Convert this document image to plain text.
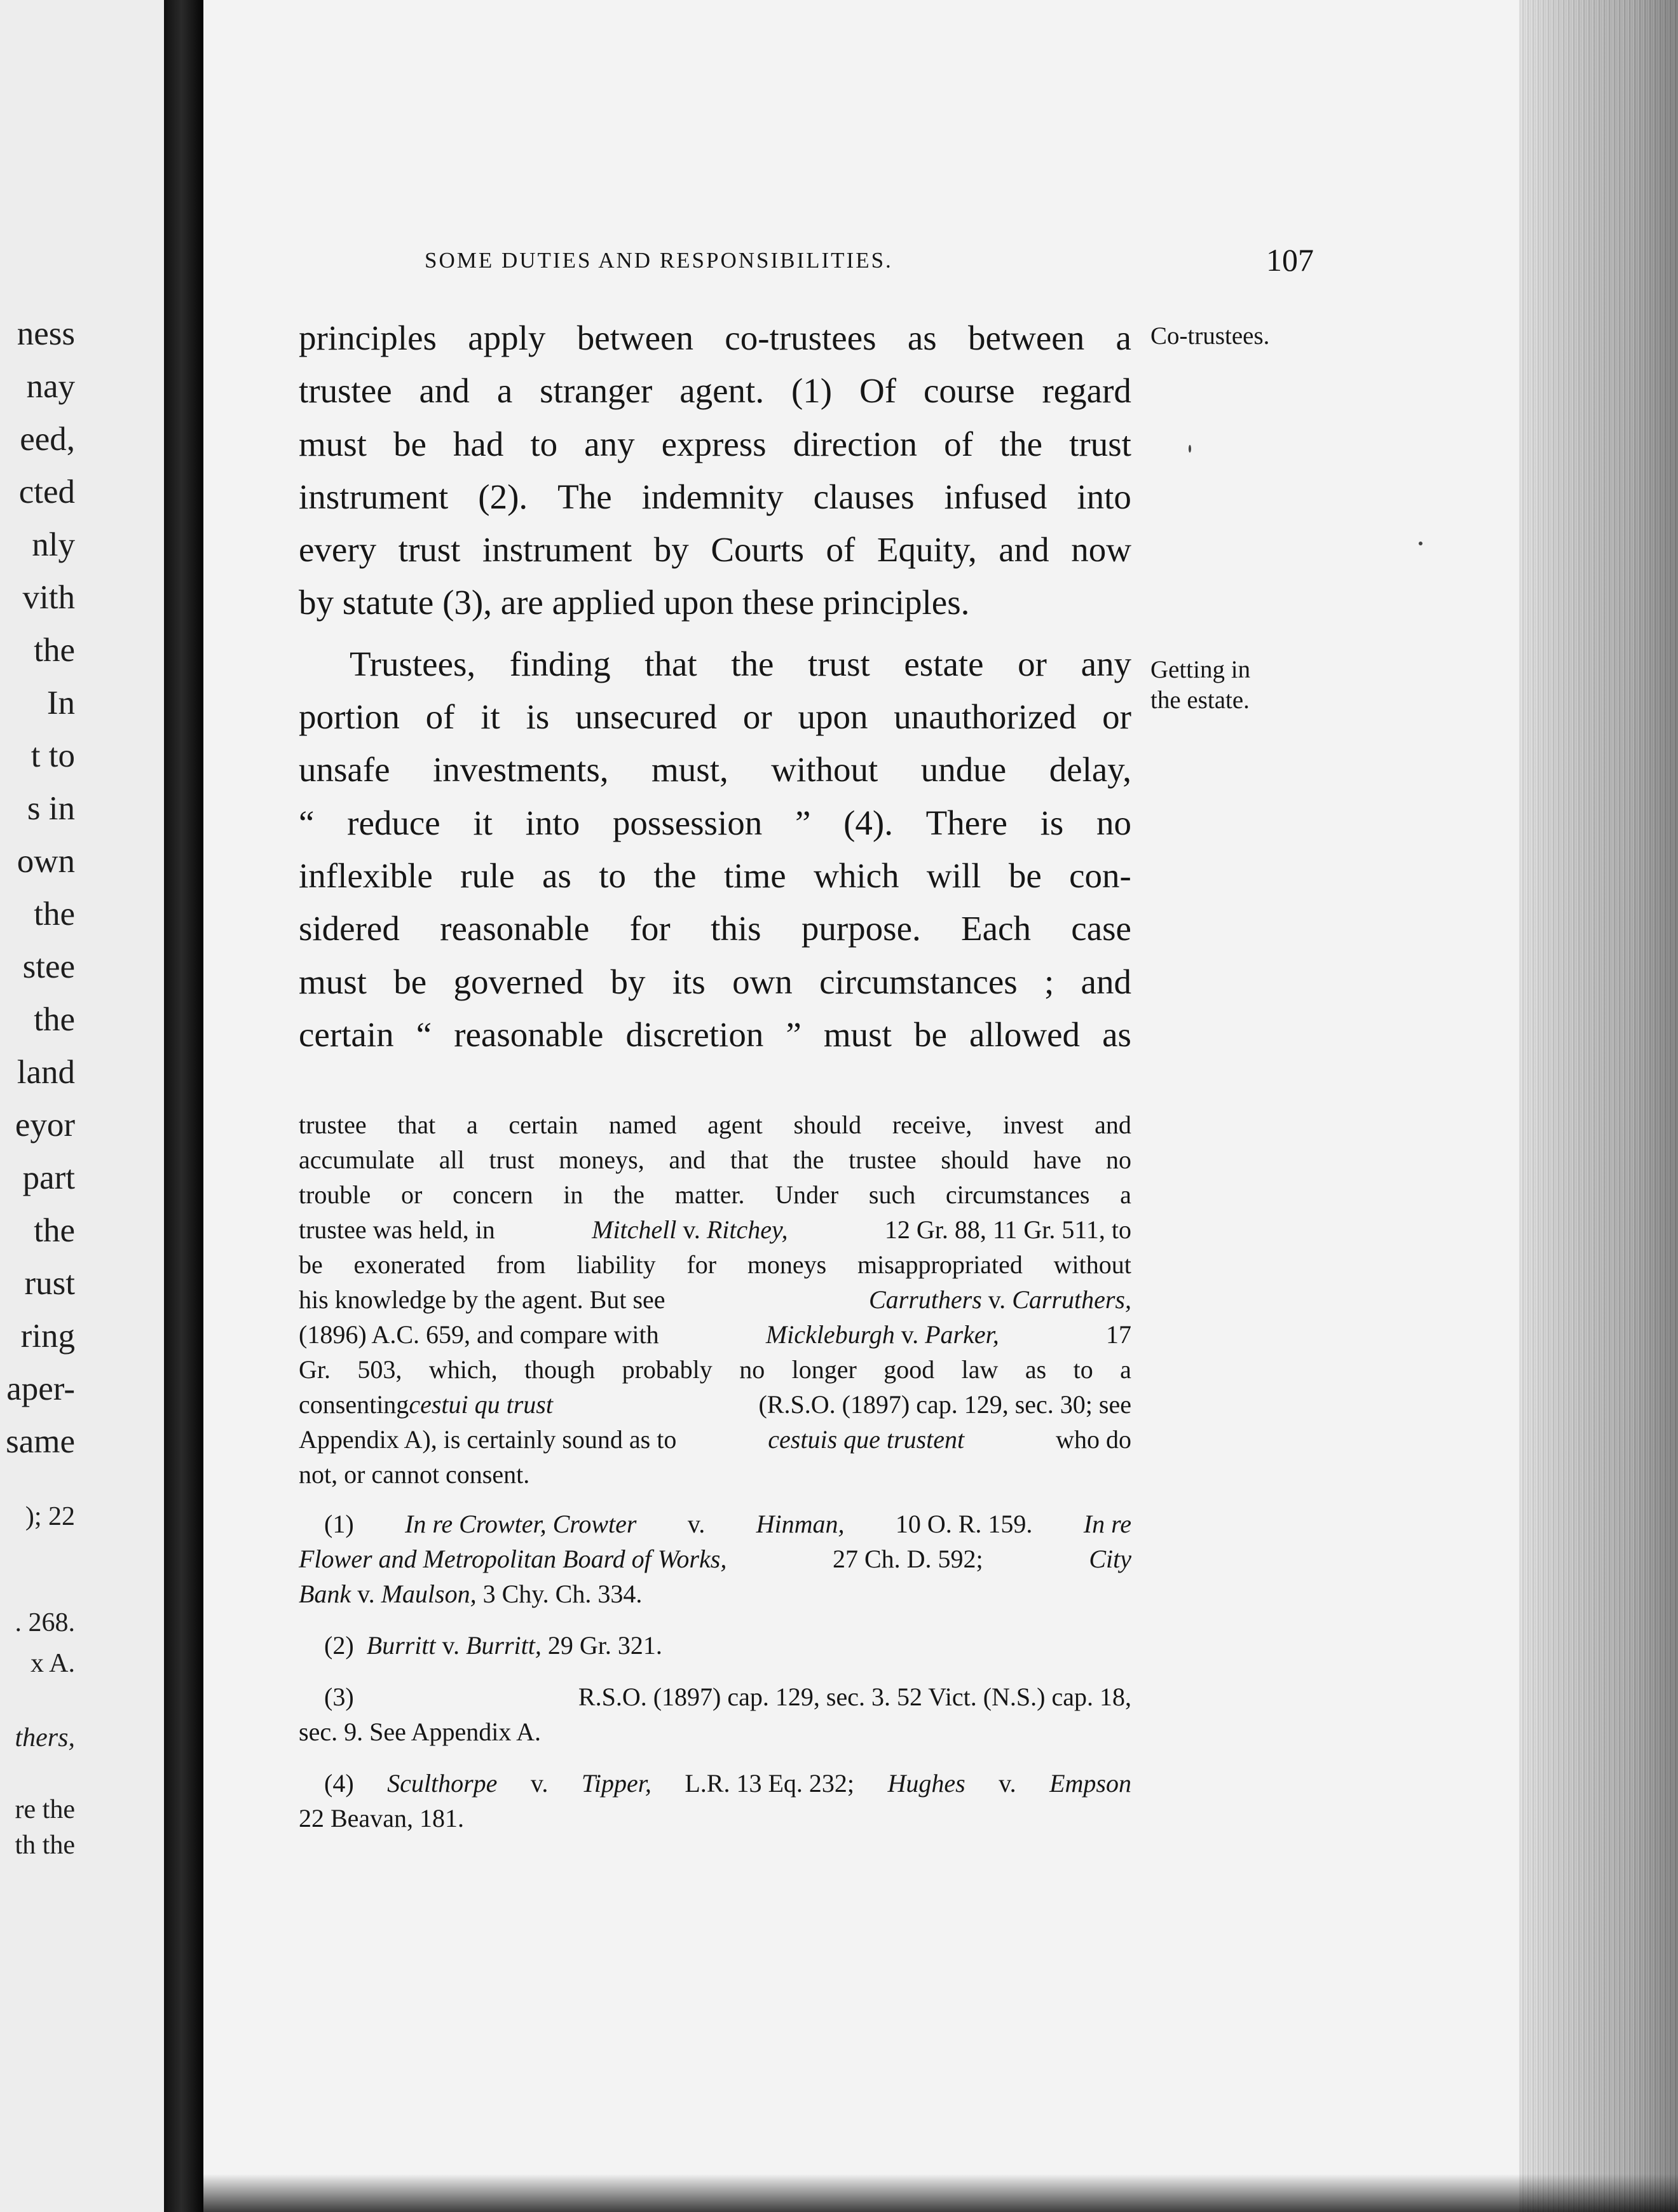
ness
nay
eed,
cted
nly
vith
the
In
t to
s in
own
the
stee
the
land
eyor
part
the
rust
ring
aper-
same
); 22
. 268.
x A.
thers,
re the
th the
SOME DUTIES AND RESPONSIBILITIES.	107
Co-trustees.
Getting in
the estate.
principles apply between co-trustees as between a
trustee and a stranger agent. (1) Of course regard
must be had to any express direction of the trust
instrument (2). The indemnity clauses infused into
every trust instrument by Courts of Equity, and now
by statute (3), are applied upon these principles.
Trustees, finding that the trust estate or any
portion of it is unsecured or upon unauthorized or
unsafe investments, must, without undue delay,
“ reduce it into possession ” (4). There is no
inflexible rule as to the time which will be con-
sidered reasonable for this purpose. Each case
must be governed by its own circumstances ; and
certain “ reasonable discretion ” must be allowed as
trustee that a certain named agent should receive, invest and
accumulate all trust moneys, and that the trustee should have no
trouble or concern in the matter. Under such circumstances a
trustee was held, in	Mitchell v. Ritchey,	12 Gr. 88, 11 Gr. 511, to
be exonerated from liability for moneys misappropriated without
his knowledge by the agent. But see	Carruthers v. Carruthers,
(1896) A.C. 659, and compare with	Mickleburgh v. Parker,	17
Gr. 503, which, though probably no longer good law as to a
consentingcestui qu trust	(R.S.O. (1897) cap. 129, sec. 30; see
Appendix A), is certainly sound as to	cestuis que trustent	who do
not, or cannot consent.
(1) In re Crowter, Crowter v. Hinman, 10 O. R. 159. In re
Flower and Metropolitan Board of Works,	27 Ch. D. 592;	City
Bank
v.
Maulson,
3 Chy. Ch. 334.
(2)
Burritt
v.
Burritt,
29 Gr. 321.
(3)
	R.S.O. (1897) cap. 129, sec. 3. 52 Vict. (N.S.) cap. 18,
sec. 9. See Appendix A.
(4) Sculthorpe v. Tipper, L.R. 13 Eq. 232; Hughes v. Empson
22 Beavan, 181.
